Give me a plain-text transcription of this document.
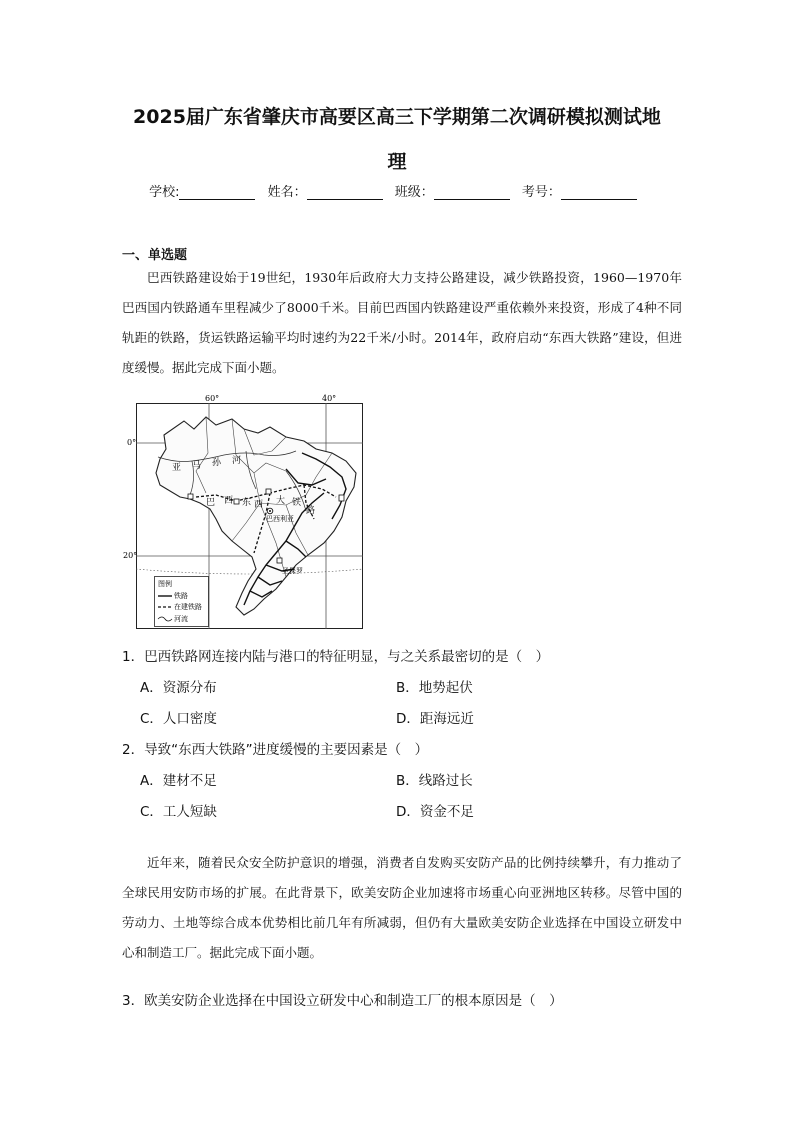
2025届广东省肇庆市高要区高三下学期第二次调研模拟测试地
理
学校:	姓名：	班级：	考号：
一、单选题
巴西铁路建设始于19世纪，1930年后政府大力支持公路建设，减少铁路投资，1960—1970年巴西国内铁路通车里程减少了8000千米。目前巴西国内铁路建设严重依赖外来投资，形成了4种不同轨距的铁路，货运铁路运输平均时速约为22千米/小时。2014年，政府启动“东西大铁路”建设，但进度缓慢。据此完成下面小题。
60°	40°
0°
20°
亚 马 孙 河
巴 西 东 西 大 铁
路
巴西利亚
圣保罗
图例
铁路
在建铁路
河流
1．巴西铁路网连接内陆与港口的特征明显，与之关系最密切的是（　）
A．资源分布	B．地势起伏
C．人口密度	D．距海远近
2．导致“东西大铁路”进度缓慢的主要因素是（　）
A．建材不足	B．线路过长
C．工人短缺	D．资金不足
近年来，随着民众安全防护意识的增强，消费者自发购买安防产品的比例持续攀升，有力推动了全球民用安防市场的扩展。在此背景下，欧美安防企业加速将市场重心向亚洲地区转移。尽管中国的劳动力、土地等综合成本优势相比前几年有所减弱，但仍有大量欧美安防企业选择在中国设立研发中心和制造工厂。据此完成下面小题。
3．欧美安防企业选择在中国设立研发中心和制造工厂的根本原因是（　）
